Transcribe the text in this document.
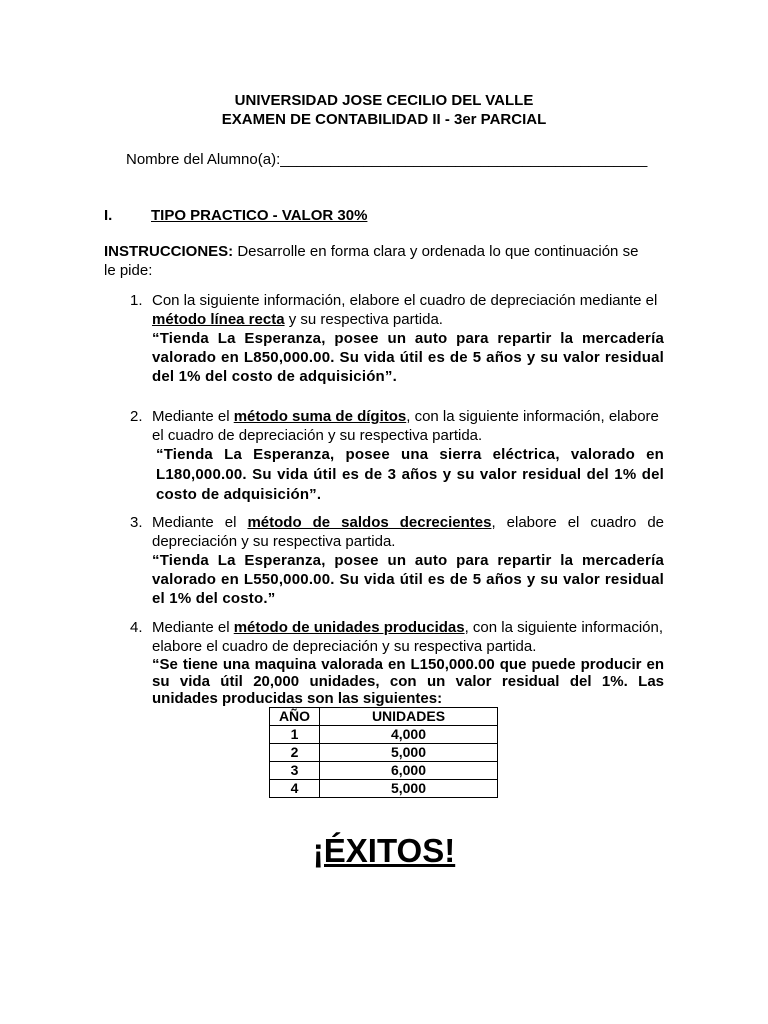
UNIVERSIDAD JOSE CECILIO DEL VALLE
EXAMEN DE CONTABILIDAD II - 3er PARCIAL
Nombre del Alumno(a):____________________________________________
I.	TIPO PRACTICO - VALOR 30%
INSTRUCCIONES: Desarrolle en forma clara y ordenada lo que continuación se
le pide:
1. Con la siguiente información, elabore el cuadro de depreciación mediante el método línea recta y su respectiva partida.
“Tienda La Esperanza, posee un auto para repartir la mercadería valorado en L850,000.00. Su vida útil es de 5 años y su valor residual del 1% del costo de adquisición”.
2. Mediante el método suma de dígitos, con la siguiente información, elabore el cuadro de depreciación y su respectiva partida.
“Tienda La Esperanza, posee una sierra eléctrica, valorado en L180,000.00. Su vida útil es de 3 años y su valor residual del 1% del costo de adquisición”.
3. Mediante el método de saldos decrecientes, elabore el cuadro de depreciación y su respectiva partida.
“Tienda La Esperanza, posee un auto para repartir la mercadería valorado en L550,000.00. Su vida útil es de 5 años y su valor residual el 1% del costo.”
4. Mediante el método de unidades producidas, con la siguiente información, elabore el cuadro de depreciación y su respectiva partida.
“Se tiene una maquina valorada en L150,000.00 que puede producir en su vida útil 20,000 unidades, con un valor residual del 1%. Las unidades producidas son las siguientes:
AÑO	UNIDADES
1	4,000
2	5,000
3	6,000
4	5,000
¡ÉXITOS!
